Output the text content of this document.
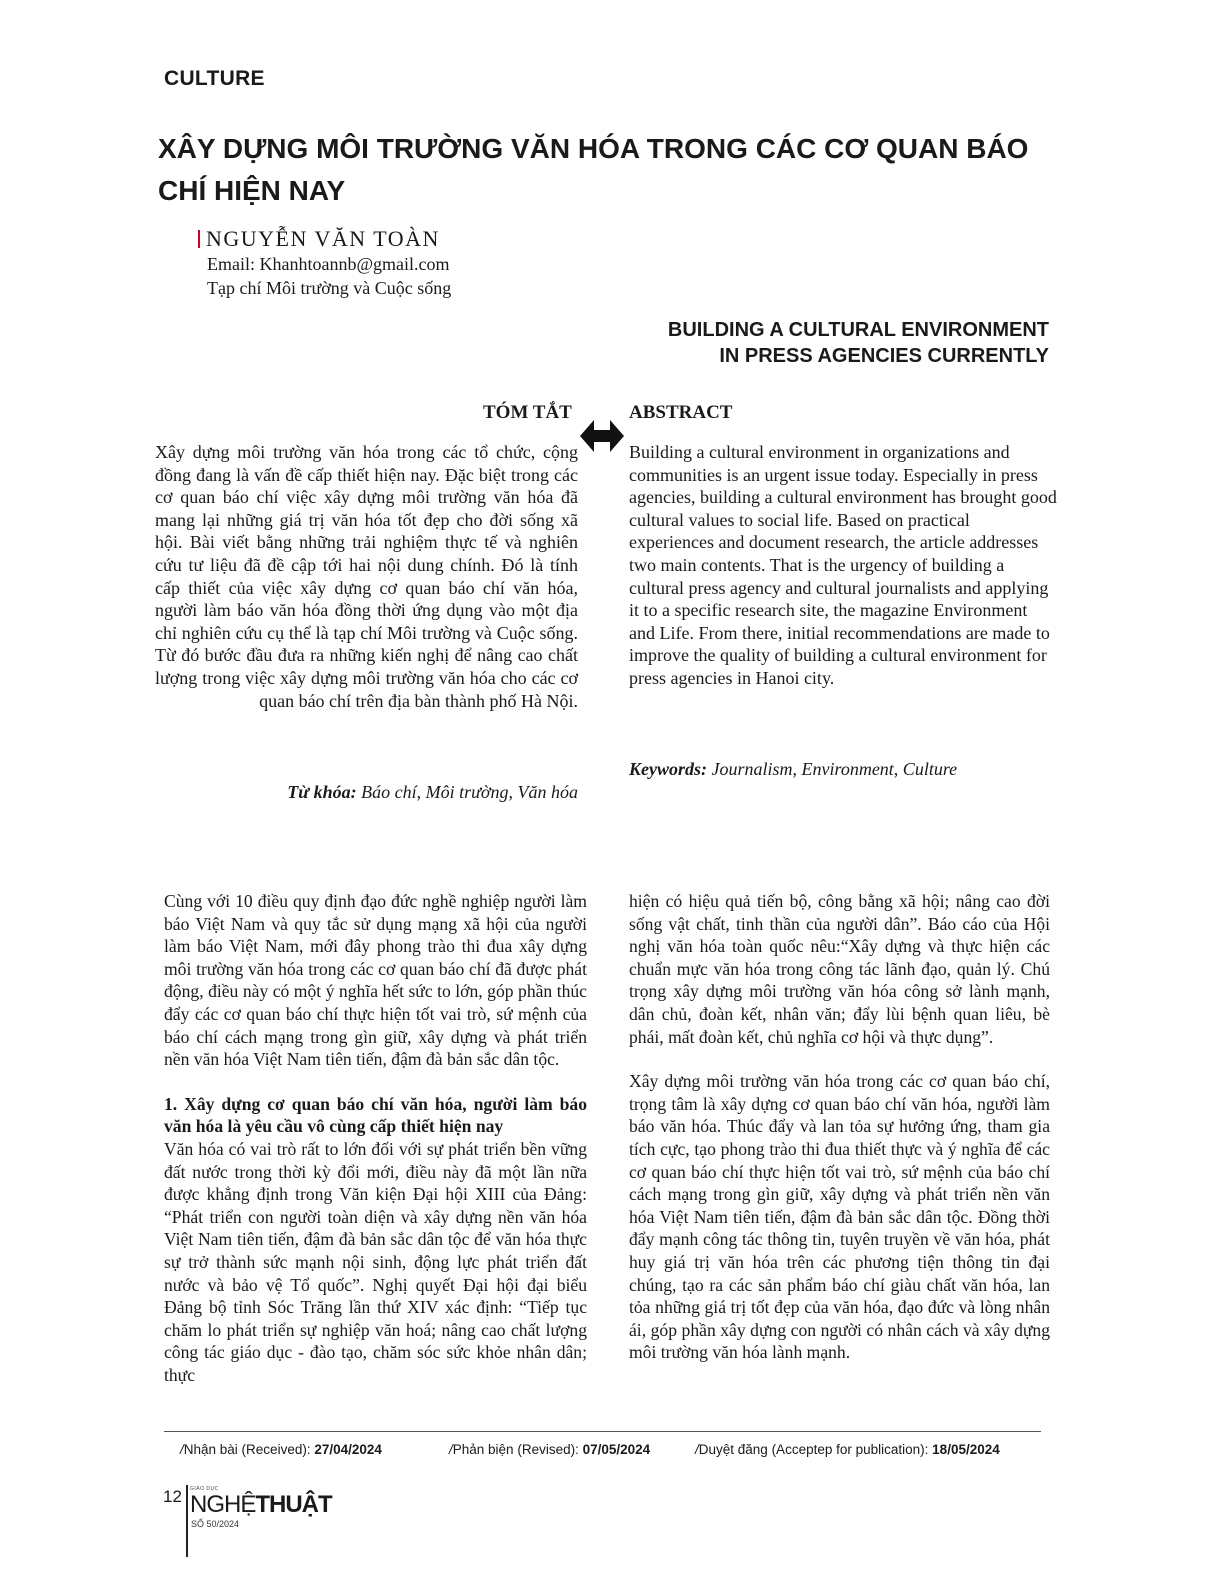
CULTURE
XÂY DỰNG MÔI TRƯỜNG VĂN HÓA TRONG CÁC CƠ QUAN BÁO CHÍ HIỆN NAY
NGUYỄN VĂN TOÀN
Email: Khanhtoannb@gmail.com
Tạp chí Môi trường và Cuộc sống
BUILDING A CULTURAL ENVIRONMENT
IN PRESS AGENCIES CURRENTLY
TÓM TẮT	ABSTRACT
Xây dựng môi trường văn hóa trong các tổ chức, cộng đồng đang là vấn đề cấp thiết hiện nay. Đặc biệt trong các cơ quan báo chí việc xây dựng môi trường văn hóa đã mang lại những giá trị văn hóa tốt đẹp cho đời sống xã hội. Bài viết bằng những trải nghiệm thực tế và nghiên cứu tư liệu đã đề cập tới hai nội dung chính. Đó là tính cấp thiết của việc xây dựng cơ quan báo chí văn hóa, người làm báo văn hóa đồng thời ứng dụng vào một địa chỉ nghiên cứu cụ thể là tạp chí Môi trường và Cuộc sống. Từ đó bước đầu đưa ra những kiến nghị để nâng cao chất lượng trong việc xây dựng môi trường văn hóa cho các cơ quan báo chí trên địa bàn thành phố Hà Nội.
Building a cultural environment in organizations and communities is an urgent issue today. Especially in press agencies, building a cultural environment has brought good cultural values to social life. Based on practical experiences and document research, the article addresses two main contents. That is the urgency of building a cultural press agency and cultural journalists and applying it to a specific research site, the magazine Environment and Life. From there, initial recommendations are made to improve the quality of building a cultural environment for press agencies in Hanoi city.
Từ khóa: Báo chí, Môi trường, Văn hóa
Keywords: Journalism, Environment, Culture

Cùng với 10 điều quy định đạo đức nghề nghiệp người làm báo Việt Nam và quy tắc sử dụng mạng xã hội của người làm báo Việt Nam, mới đây phong trào thi đua xây dựng môi trường văn hóa trong các cơ quan báo chí đã được phát động, điều này có một ý nghĩa hết sức to lớn, góp phần thúc đẩy các cơ quan báo chí thực hiện tốt vai trò, sứ mệnh của báo chí cách mạng trong gìn giữ, xây dựng và phát triển nền văn hóa Việt Nam tiên tiến, đậm đà bản sắc dân tộc.

1. Xây dựng cơ quan báo chí văn hóa, người làm báo văn hóa là yêu cầu vô cùng cấp thiết hiện nay

Văn hóa có vai trò rất to lớn đối với sự phát triển bền vững đất nước trong thời kỳ đổi mới, điều này đã một lần nữa được khẳng định trong Văn kiện Đại hội XIII của Đảng: “Phát triển con người toàn diện và xây dựng nền văn hóa Việt Nam tiên tiến, đậm đà bản sắc dân tộc để văn hóa thực sự trở thành sức mạnh nội sinh, động lực phát triển đất nước và bảo vệ Tổ quốc”. Nghị quyết Đại hội đại biểu Đảng bộ tỉnh Sóc Trăng lần thứ XIV xác định: “Tiếp tục chăm lo phát triển sự nghiệp văn hoá; nâng cao chất lượng công tác giáo dục - đào tạo, chăm sóc sức khỏe nhân dân; thực

hiện có hiệu quả tiến bộ, công bằng xã hội; nâng cao đời sống vật chất, tinh thần của người dân”. Báo cáo của Hội nghị văn hóa toàn quốc nêu:“Xây dựng và thực hiện các chuẩn mực văn hóa trong công tác lãnh đạo, quản lý. Chú trọng xây dựng môi trường văn hóa công sở lành mạnh, dân chủ, đoàn kết, nhân văn; đẩy lùi bệnh quan liêu, bè phái, mất đoàn kết, chủ nghĩa cơ hội và thực dụng”.

Xây dựng môi trường văn hóa trong các cơ quan báo chí, trọng tâm là xây dựng cơ quan báo chí văn hóa, người làm báo văn hóa. Thúc đẩy và lan tỏa sự hưởng ứng, tham gia tích cực, tạo phong trào thi đua thiết thực và ý nghĩa để các cơ quan báo chí thực hiện tốt vai trò, sứ mệnh của báo chí cách mạng trong gìn giữ, xây dựng và phát triển nền văn hóa Việt Nam tiên tiến, đậm đà bản sắc dân tộc. Đồng thời đẩy mạnh công tác thông tin, tuyên truyền về văn hóa, phát huy giá trị văn hóa trên các phương tiện thông tin đại chúng, tạo ra các sản phẩm báo chí giàu chất văn hóa, lan tỏa những giá trị tốt đẹp của văn hóa, đạo đức và lòng nhân ái, góp phần xây dựng con người có nhân cách và xây dựng môi trường văn hóa lành mạnh.

/Nhận bài (Received): 27/04/2024	/Phản biện (Revised): 07/05/2024	/Duyệt đăng (Acceptep for publication): 18/05/2024
12 GIÁO DỤC
NGHỆTHUẬT
SỐ 50/2024
